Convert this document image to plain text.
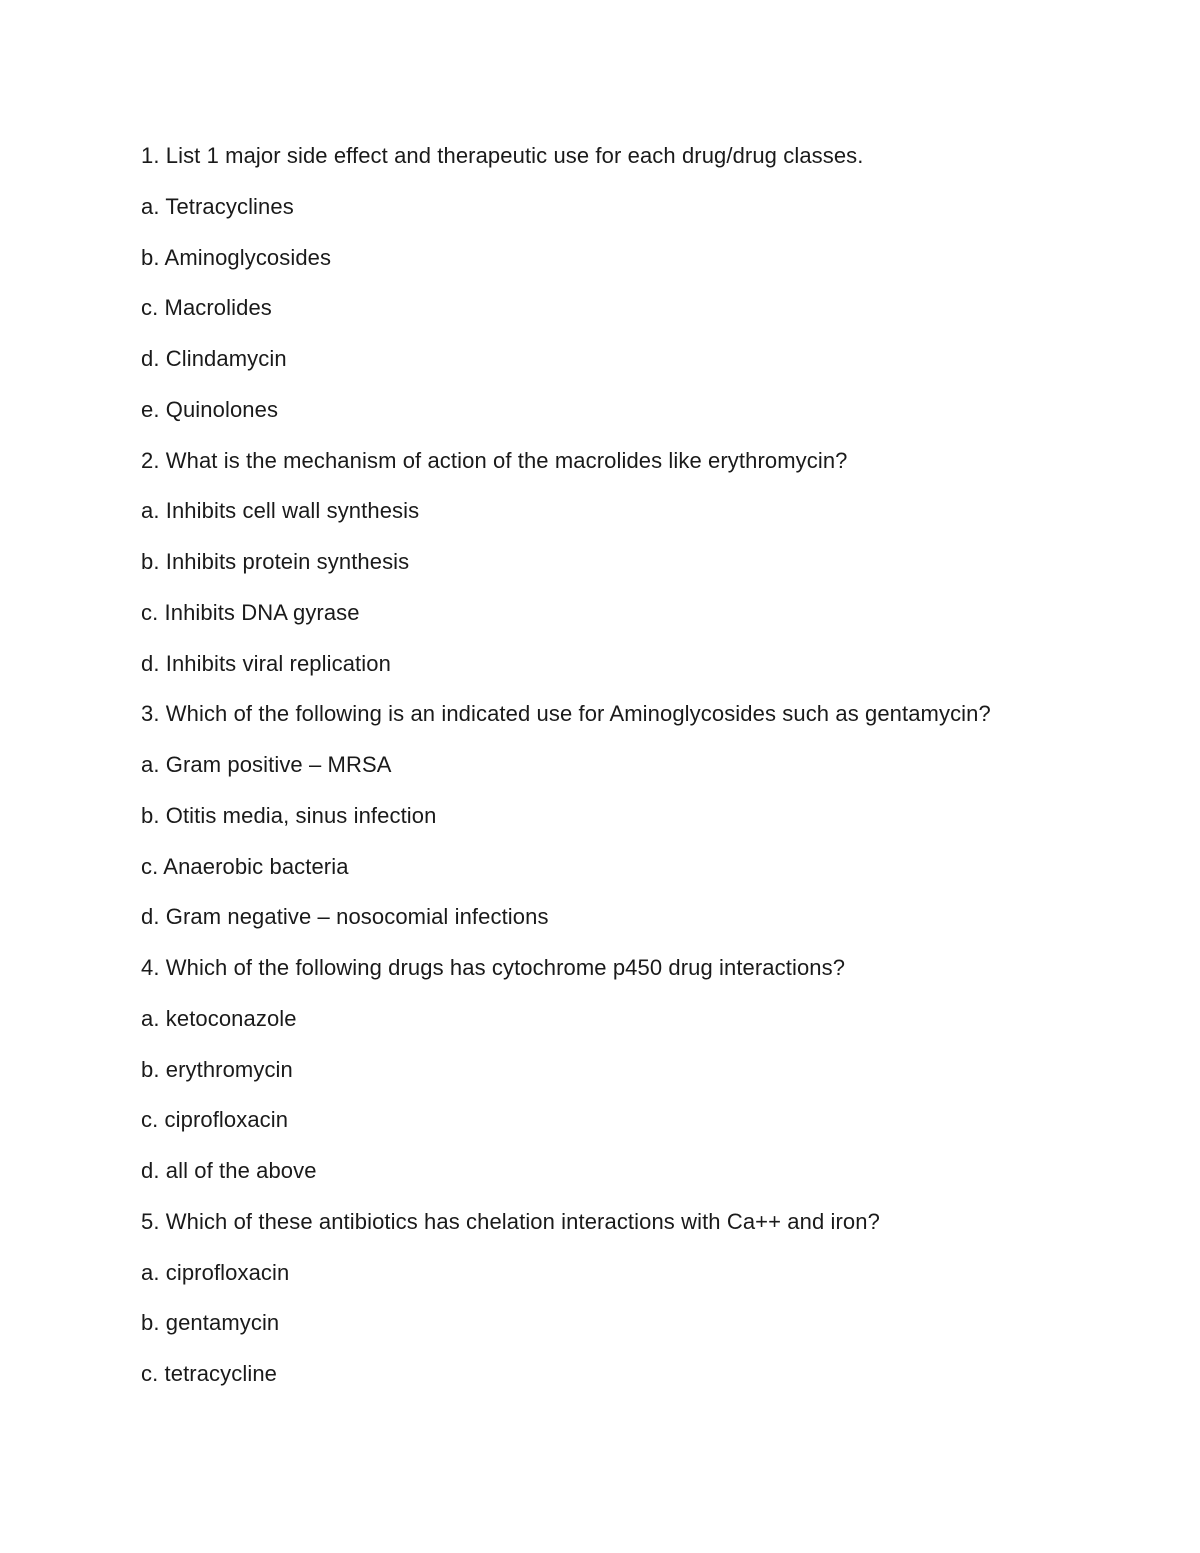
1. List 1 major side effect and therapeutic use for each drug/drug classes.
a. Tetracyclines
b. Aminoglycosides
c. Macrolides
d. Clindamycin
e. Quinolones
2. What is the mechanism of action of the macrolides like erythromycin?
a. Inhibits cell wall synthesis
b. Inhibits protein synthesis
c. Inhibits DNA gyrase
d. Inhibits viral replication
3. Which of the following is an indicated use for Aminoglycosides such as gentamycin?
a. Gram positive – MRSA
b. Otitis media, sinus infection
c. Anaerobic bacteria
d. Gram negative – nosocomial infections
4. Which of the following drugs has cytochrome p450 drug interactions?
a. ketoconazole
b. erythromycin
c. ciprofloxacin
d. all of the above
5. Which of these antibiotics has chelation interactions with Ca++ and iron?
a. ciprofloxacin
b. gentamycin
c. tetracycline
